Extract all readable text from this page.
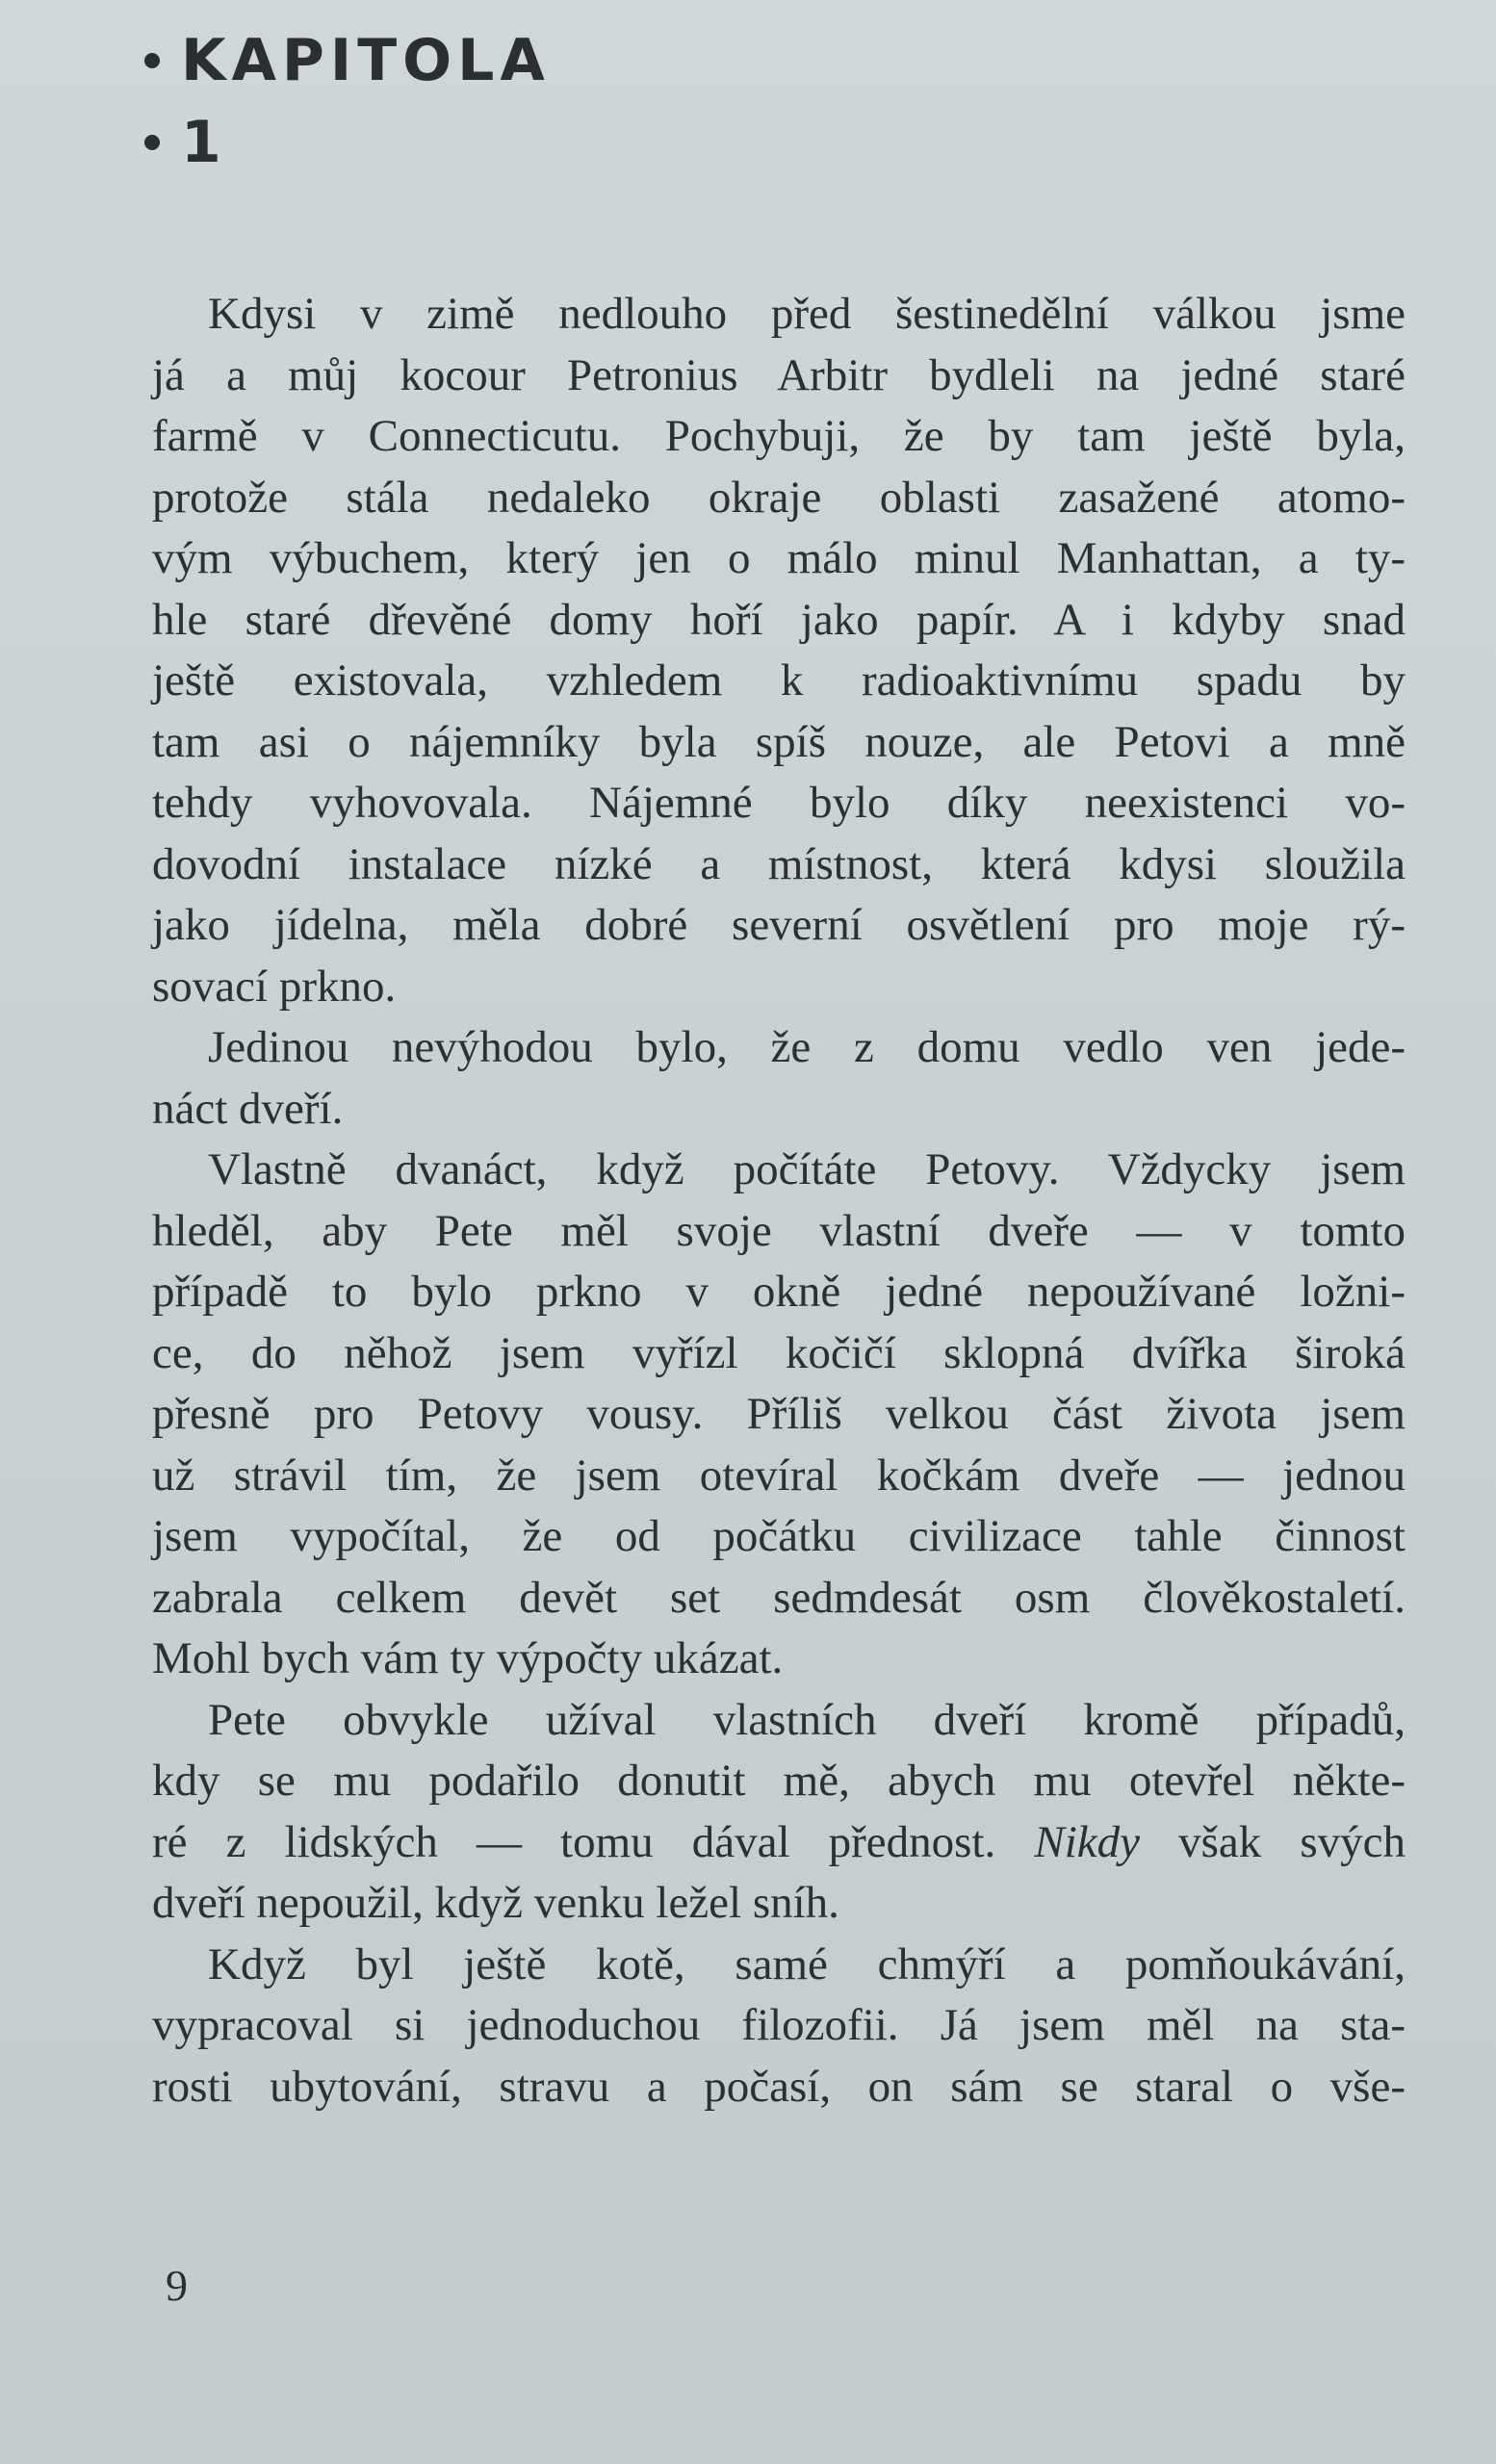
KAPITOLA
1
Kdysi v zimě nedlouho před šestinedělní válkou jsme
já a můj kocour Petronius Arbitr bydleli na jedné staré
farmě v Connecticutu. Pochybuji, že by tam ještě byla,
protože stála nedaleko okraje oblasti zasažené atomo-
vým výbuchem, který jen o málo minul Manhattan, a ty-
hle staré dřevěné domy hoří jako papír. A i kdyby snad
ještě existovala, vzhledem k radioaktivnímu spadu by
tam asi o nájemníky byla spíš nouze, ale Petovi a mně
tehdy vyhovovala. Nájemné bylo díky neexistenci vo-
dovodní instalace nízké a místnost, která kdysi sloužila
jako jídelna, měla dobré severní osvětlení pro moje rý-
sovací prkno.
Jedinou nevýhodou bylo, že z domu vedlo ven jede-
náct dveří.
Vlastně dvanáct, když počítáte Petovy. Vždycky jsem
hleděl, aby Pete měl svoje vlastní dveře — v tomto
případě to bylo prkno v okně jedné nepoužívané ložni-
ce, do něhož jsem vyřízl kočičí sklopná dvířka široká
přesně pro Petovy vousy. Příliš velkou část života jsem
už strávil tím, že jsem otevíral kočkám dveře — jednou
jsem vypočítal, že od počátku civilizace tahle činnost
zabrala celkem devět set sedmdesát osm člověkostaletí.
Mohl bych vám ty výpočty ukázat.
Pete obvykle užíval vlastních dveří kromě případů,
kdy se mu podařilo donutit mě, abych mu otevřel někte-
ré z lidských — tomu dával přednost. Nikdy však svých
dveří nepoužil, když venku ležel sníh.
Když byl ještě kotě, samé chmýří a pomňoukávání,
vypracoval si jednoduchou filozofii. Já jsem měl na sta-
rosti ubytování, stravu a počasí, on sám se staral o vše-
9
